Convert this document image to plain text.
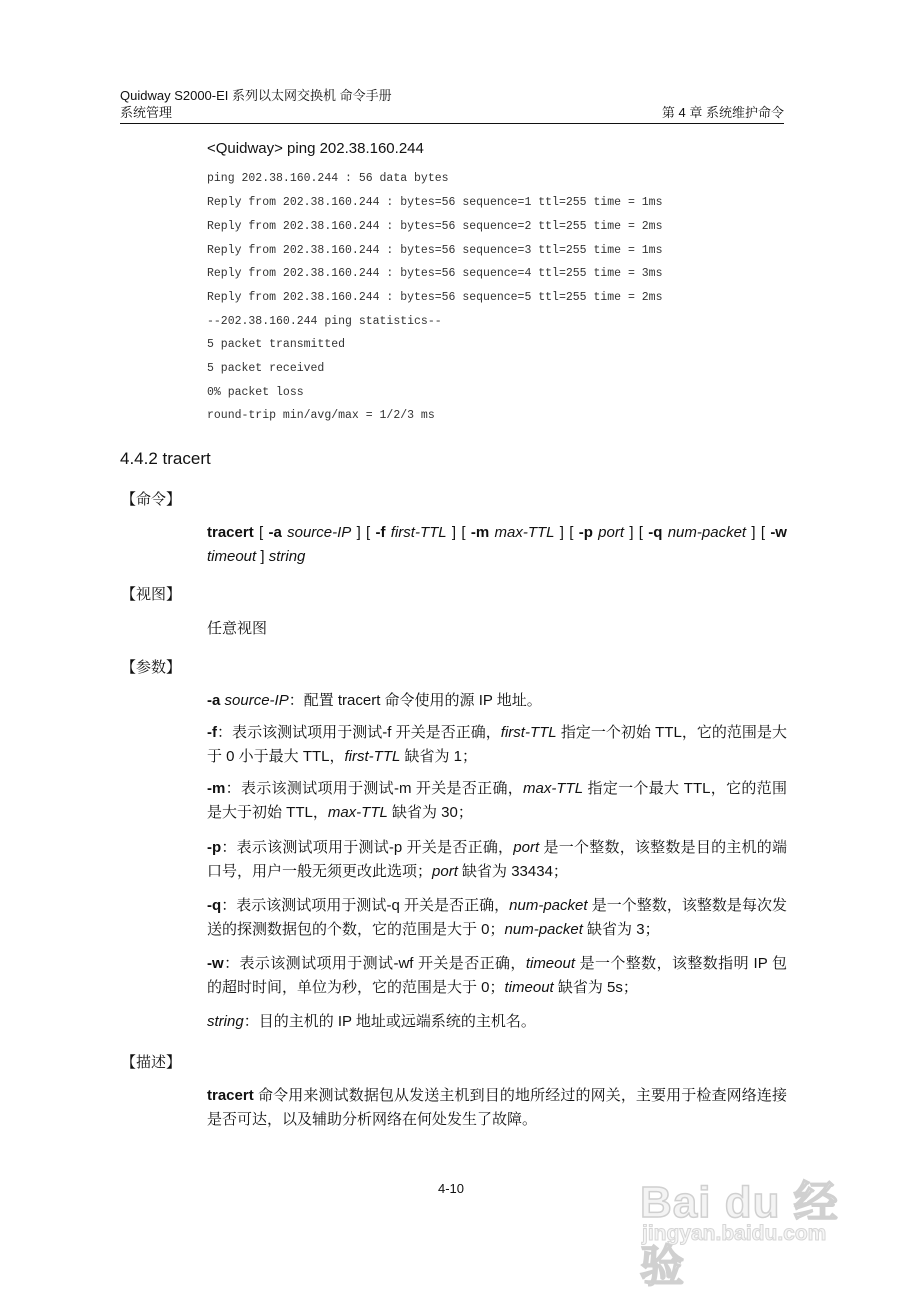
Quidway S2000-EI 系列以太网交换机 命令手册
系统管理	第 4 章 系统维护命令
<Quidway> ping 202.38.160.244
ping 202.38.160.244 : 56 data bytes
Reply from 202.38.160.244 : bytes=56 sequence=1 ttl=255 time = 1ms
Reply from 202.38.160.244 : bytes=56 sequence=2 ttl=255 time = 2ms
Reply from 202.38.160.244 : bytes=56 sequence=3 ttl=255 time = 1ms
Reply from 202.38.160.244 : bytes=56 sequence=4 ttl=255 time = 3ms
Reply from 202.38.160.244 : bytes=56 sequence=5 ttl=255 time = 2ms
--202.38.160.244 ping statistics--
5 packet transmitted
5 packet received
0% packet loss
round-trip min/avg/max = 1/2/3 ms
4.4.2 tracert
【命令】
tracert [ -a source-IP ] [ -f first-TTL ] [ -m max-TTL ] [ -p port ] [ -q num-packet ] [ -w timeout ] string
【视图】
任意视图
【参数】
-a source-IP：配置 tracert 命令使用的源 IP 地址。
-f：表示该测试项用于测试-f 开关是否正确，first-TTL 指定一个初始 TTL，它的范围是大于 0 小于最大 TTL，first-TTL 缺省为 1；
-m：表示该测试项用于测试-m 开关是否正确，max-TTL 指定一个最大 TTL，它的范围是大于初始 TTL，max-TTL 缺省为 30；
-p：表示该测试项用于测试-p 开关是否正确，port 是一个整数，该整数是目的主机的端口号，用户一般无须更改此选项；port 缺省为 33434；
-q：表示该测试项用于测试-q 开关是否正确，num-packet 是一个整数，该整数是每次发送的探测数据包的个数，它的范围是大于 0；num-packet 缺省为 3；
-w：表示该测试项用于测试-wf 开关是否正确，timeout 是一个整数，该整数指明 IP 包的超时时间，单位为秒，它的范围是大于 0；timeout 缺省为 5s；
string：目的主机的 IP 地址或远端系统的主机名。
【描述】
tracert 命令用来测试数据包从发送主机到目的地所经过的网关，主要用于检查网络连接是否可达，以及辅助分析网络在何处发生了故障。
4-10	Bai du 经验
jingyan.baidu.com
